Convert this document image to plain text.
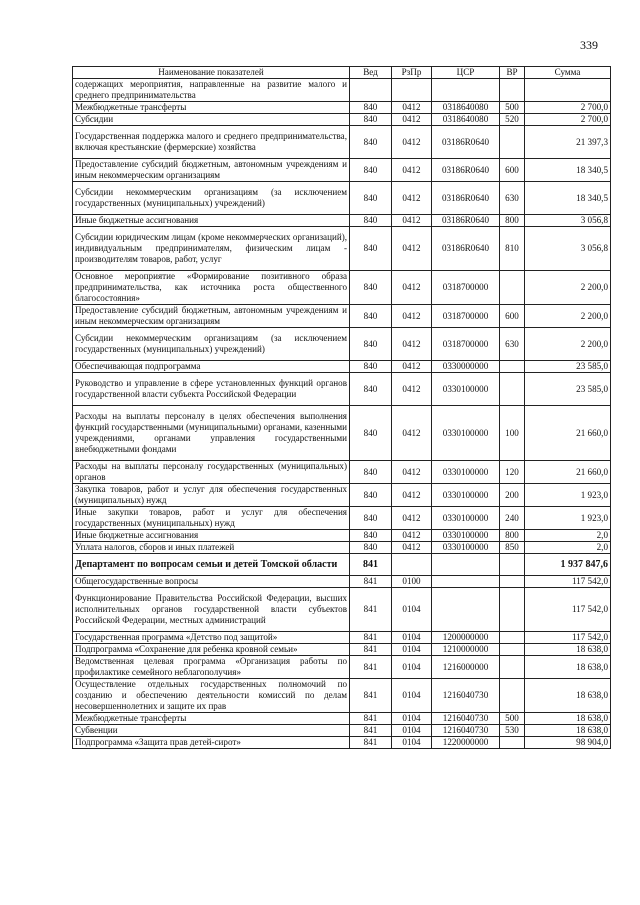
339
Наименование показателей	Вед	РзПр	ЦСР	ВР	Сумма
содержащих мероприятия, направленные на развитие малого и среднего предпринимательства					
Межбюджетные трансферты	840	0412	0318640080	500	2 700,0
Субсидии	840	0412	0318640080	520	2 700,0
Государственная поддержка малого и среднего предпринимательства, включая крестьянские (фермерские) хозяйства	840	0412	03186R0640		21 397,3
Предоставление субсидий бюджетным, автономным учреждениям и иным некоммерческим организациям	840	0412	03186R0640	600	18 340,5
Субсидии некоммерческим организациям (за исключением государственных (муниципальных) учреждений)	840	0412	03186R0640	630	18 340,5
Иные бюджетные ассигнования	840	0412	03186R0640	800	3 056,8
Субсидии юридическим лицам (кроме некоммерческих организаций), индивидуальным предпринимателям, физическим лицам - производителям товаров, работ, услуг	840	0412	03186R0640	810	3 056,8
Основное мероприятие «Формирование позитивного образа предпринимательства, как источника роста общественного благосостояния»	840	0412	0318700000		2 200,0
Предоставление субсидий бюджетным, автономным учреждениям и иным некоммерческим организациям	840	0412	0318700000	600	2 200,0
Субсидии некоммерческим организациям (за исключением государственных (муниципальных) учреждений)	840	0412	0318700000	630	2 200,0
Обеспечивающая подпрограмма	840	0412	0330000000		23 585,0
Руководство и управление в сфере установленных функций органов государственной власти субъекта Российской Федерации	840	0412	0330100000		23 585,0
Расходы на выплаты персоналу в целях обеспечения выполнения функций государственными (муниципальными) органами, казенными учреждениями, органами управления государственными внебюджетными фондами	840	0412	0330100000	100	21 660,0
Расходы на выплаты персоналу государственных (муниципальных) органов	840	0412	0330100000	120	21 660,0
Закупка товаров, работ и услуг для обеспечения государственных (муниципальных) нужд	840	0412	0330100000	200	1 923,0
Иные закупки товаров, работ и услуг для обеспечения государственных (муниципальных) нужд	840	0412	0330100000	240	1 923,0
Иные бюджетные ассигнования	840	0412	0330100000	800	2,0
Уплата налогов, сборов и иных платежей	840	0412	0330100000	850	2,0
Департамент по вопросам семьи и детей Томской области	841				1 937 847,6
Общегосударственные вопросы	841	0100			117 542,0
Функционирование Правительства Российской Федерации, высших исполнительных органов государственной власти субъектов Российской Федерации, местных администраций	841	0104			117 542,0
Государственная программа «Детство под защитой»	841	0104	1200000000		117 542,0
Подпрограмма «Сохранение для ребенка кровной семьи»	841	0104	1210000000		18 638,0
Ведомственная целевая программа «Организация работы по профилактике семейного неблагополучия»	841	0104	1216000000		18 638,0
Осуществление отдельных государственных полномочий по созданию и обеспечению деятельности комиссий по делам несовершеннолетних и защите их прав	841	0104	1216040730		18 638,0
Межбюджетные трансферты	841	0104	1216040730	500	18 638,0
Субвенции	841	0104	1216040730	530	18 638,0
Подпрограмма «Защита прав детей-сирот»	841	0104	1220000000		98 904,0
